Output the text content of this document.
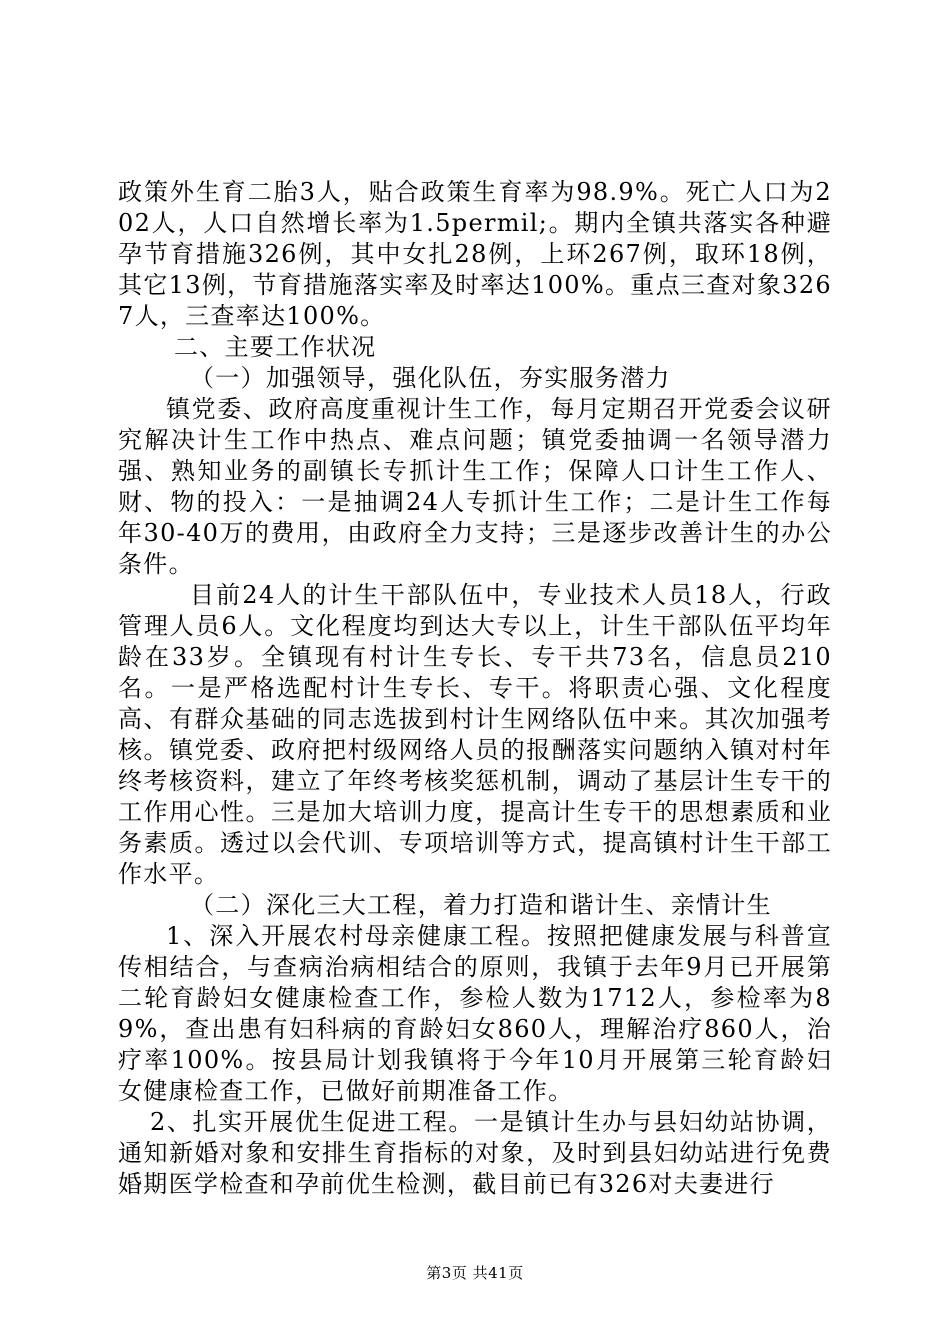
政策外生育二胎3人，贴合政策生育率为98.9%。死亡人口为202人，人口自然增长率为1.5permil;。期内全镇共落实各种避孕节育措施326例，其中女扎28例，上环267例，取环18例，其它13例，节育措施落实率及时率达100%。重点三查对象3267人，三查率达100%。

二、主要工作状况

（一）加强领导，强化队伍，夯实服务潜力

镇党委、政府高度重视计生工作，每月定期召开党委会议研究解决计生工作中热点、难点问题；镇党委抽调一名领导潜力强、熟知业务的副镇长专抓计生工作；保障人口计生工作人、财、物的投入：一是抽调24人专抓计生工作；二是计生工作每年30-40万的费用，由政府全力支持；三是逐步改善计生的办公条件。

目前24人的计生干部队伍中，专业技术人员18人，行政管理人员6人。文化程度均到达大专以上，计生干部队伍平均年龄在33岁。全镇现有村计生专长、专干共73名，信息员210名。一是严格选配村计生专长、专干。将职责心强、文化程度高、有群众基础的同志选拔到村计生网络队伍中来。其次加强考核。镇党委、政府把村级网络人员的报酬落实问题纳入镇对村年终考核资料，建立了年终考核奖惩机制，调动了基层计生专干的工作用心性。三是加大培训力度，提高计生专干的思想素质和业务素质。透过以会代训、专项培训等方式，提高镇村计生干部工作水平。

（二）深化三大工程，着力打造和谐计生、亲情计生

1、深入开展农村母亲健康工程。按照把健康发展与科普宣传相结合，与查病治病相结合的原则，我镇于去年9月已开展第二轮育龄妇女健康检查工作，参检人数为1712人，参检率为89%，查出患有妇科病的育龄妇女860人，理解治疗860人，治疗率100%。按县局计划我镇将于今年10月开展第三轮育龄妇女健康检查工作，已做好前期准备工作。

2、扎实开展优生促进工程。一是镇计生办与县妇幼站协调，通知新婚对象和安排生育指标的对象，及时到县妇幼站进行免费婚期医学检查和孕前优生检测，截目前已有326对夫妻进行

第3页 共41页
